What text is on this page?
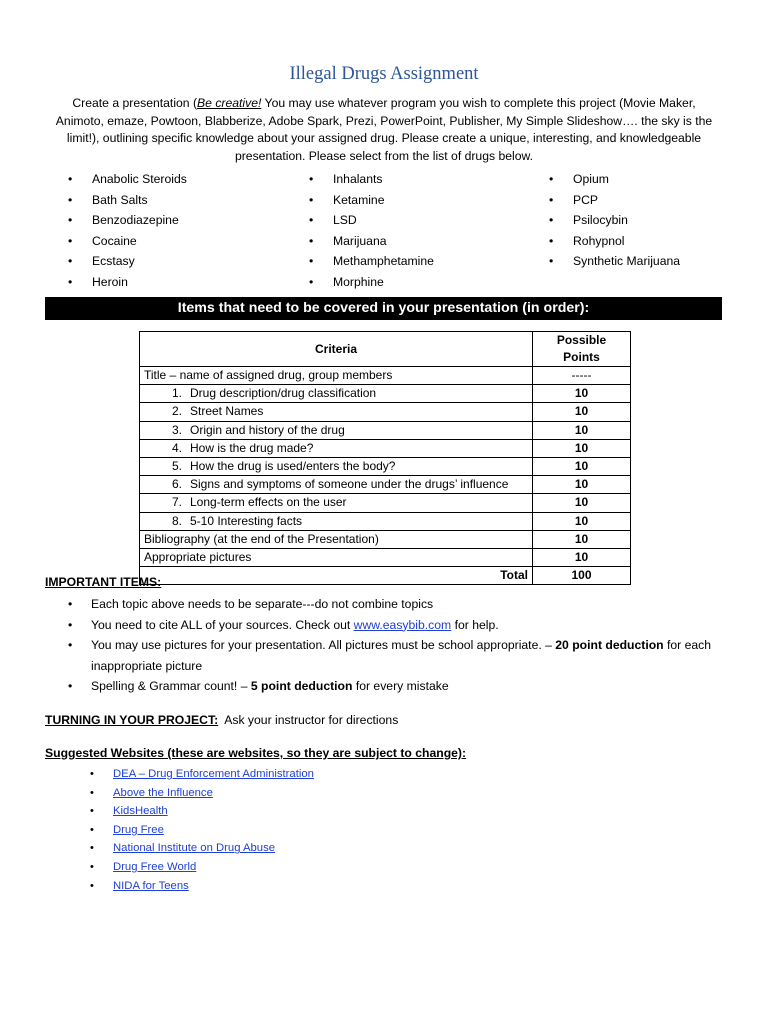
Illegal Drugs Assignment
Create a presentation (Be creative! You may use whatever program you wish to complete this project (Movie Maker, Animoto, emaze, Powtoon, Blabberize, Adobe Spark, Prezi, PowerPoint, Publisher, My Simple Slideshow…. the sky is the limit!), outlining specific knowledge about your assigned drug. Please create a unique, interesting, and knowledgeable presentation. Please select from the list of drugs below.
• Anabolic Steroids
• Bath Salts
• Benzodiazepine
• Cocaine
• Ecstasy
• Heroin
• Inhalants
• Ketamine
• LSD
• Marijuana
• Methamphetamine
• Morphine
• Opium
• PCP
• Psilocybin
• Rohypnol
• Synthetic Marijuana
Items that need to be covered in your presentation (in order):
Criteria	Possible Points
Title – name of assigned drug, group members	-----
1. Drug description/drug classification	10
2. Street Names	10
3. Origin and history of the drug	10
4. How is the drug made?	10
5. How the drug is used/enters the body?	10
6. Signs and symptoms of someone under the drugs’ influence	10
7. Long-term effects on the user	10
8. 5-10 Interesting facts	10
Bibliography (at the end of the Presentation)	10
Appropriate pictures	10
Total	100
IMPORTANT ITEMS:
• Each topic above needs to be separate---do not combine topics
• You need to cite ALL of your sources. Check out www.easybib.com for help.
• You may use pictures for your presentation. All pictures must be school appropriate. – 20 point deduction for each inappropriate picture
• Spelling & Grammar count! – 5 point deduction for every mistake
TURNING IN YOUR PROJECT:  Ask your instructor for directions
Suggested Websites (these are websites, so they are subject to change):
• DEA – Drug Enforcement Administration
• Above the Influence
• KidsHealth
• Drug Free
• National Institute on Drug Abuse
• Drug Free World
• NIDA for Teens
